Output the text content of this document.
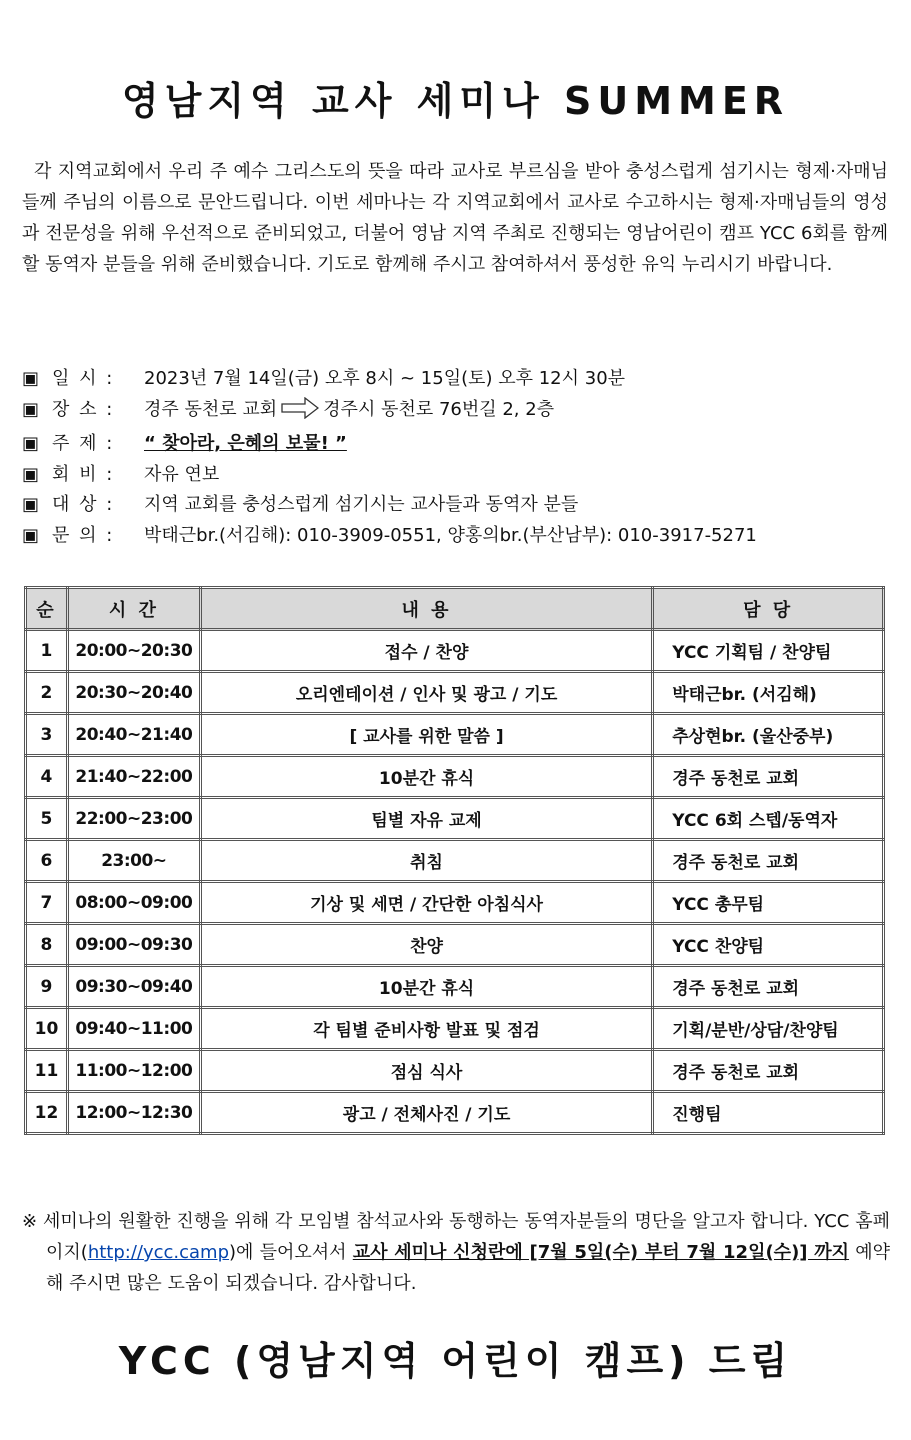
영남지역 교사 세미나 SUMMER

각 지역교회에서 우리 주 예수 그리스도의 뜻을 따라 교사로 부르심을 받아 충성스럽게 섬기시는 형제·자매님들께 주님의 이름으로 문안드립니다. 이번 세마나는 각 지역교회에서 교사로 수고하시는 형제·자매님들의 영성과 전문성을 위해 우선적으로 준비되었고, 더불어 영남 지역 주최로 진행되는 영남어린이 캠프 YCC 6회를 함께 할 동역자 분들을 위해 준비했습니다. 기도로 함께해 주시고 참여하셔서 풍성한 유익 누리시기 바랍니다.

▣ 일 시 : 2023년 7월 14일(금) 오후 8시 ~ 15일(토) 오후 12시 30분
▣ 장 소 : 경주 동천로 교회	경주시 동천로 76번길 2, 2층
▣ 주 제 : “ 찾아라, 은혜의 보물! ”
▣ 회 비 : 자유 연보
▣ 대 상 : 지역 교회를 충성스럽게 섬기시는 교사들과 동역자 분들
▣ 문 의 : 박태근br.(서김해): 010-3909-0551, 양홍의br.(부산남부): 010-3917-5271
순	시 간	내 용	담 당
1	20:00~20:30	접수 / 찬양	YCC 기획팀 / 찬양팀
2	20:30~20:40	오리엔테이션 / 인사 및 광고 / 기도	박태근br. (서김해)
3	20:40~21:40	[ 교사를 위한 말씀 ]	추상현br. (울산중부)
4	21:40~22:00	10분간 휴식	경주 동천로 교회
5	22:00~23:00	팀별 자유 교제	YCC 6회 스텝/동역자
6	23:00~	취침	경주 동천로 교회
7	08:00~09:00	기상 및 세면 / 간단한 아침식사	YCC 총무팀
8	09:00~09:30	찬양	YCC 찬양팀
9	09:30~09:40	10분간 휴식	경주 동천로 교회
10	09:40~11:00	각 팀별 준비사항 발표 및 점검	기획/분반/상담/찬양팀
11	11:00~12:00	점심 식사	경주 동천로 교회
12	12:00~12:30	광고 / 전체사진 / 기도	진행팀

※ 세미나의 원활한 진행을 위해 각 모임별 참석교사와 동행하는 동역자분들의 명단을 알고자 합니다. YCC 홈페이지(http://ycc.camp)에 들어오셔서 교사 세미나 신청란에 [7월 5일(수) 부터 7월 12일(수)] 까지 예약해 주시면 많은 도움이 되겠습니다. 감사합니다.

YCC (영남지역 어린이 캠프) 드림
